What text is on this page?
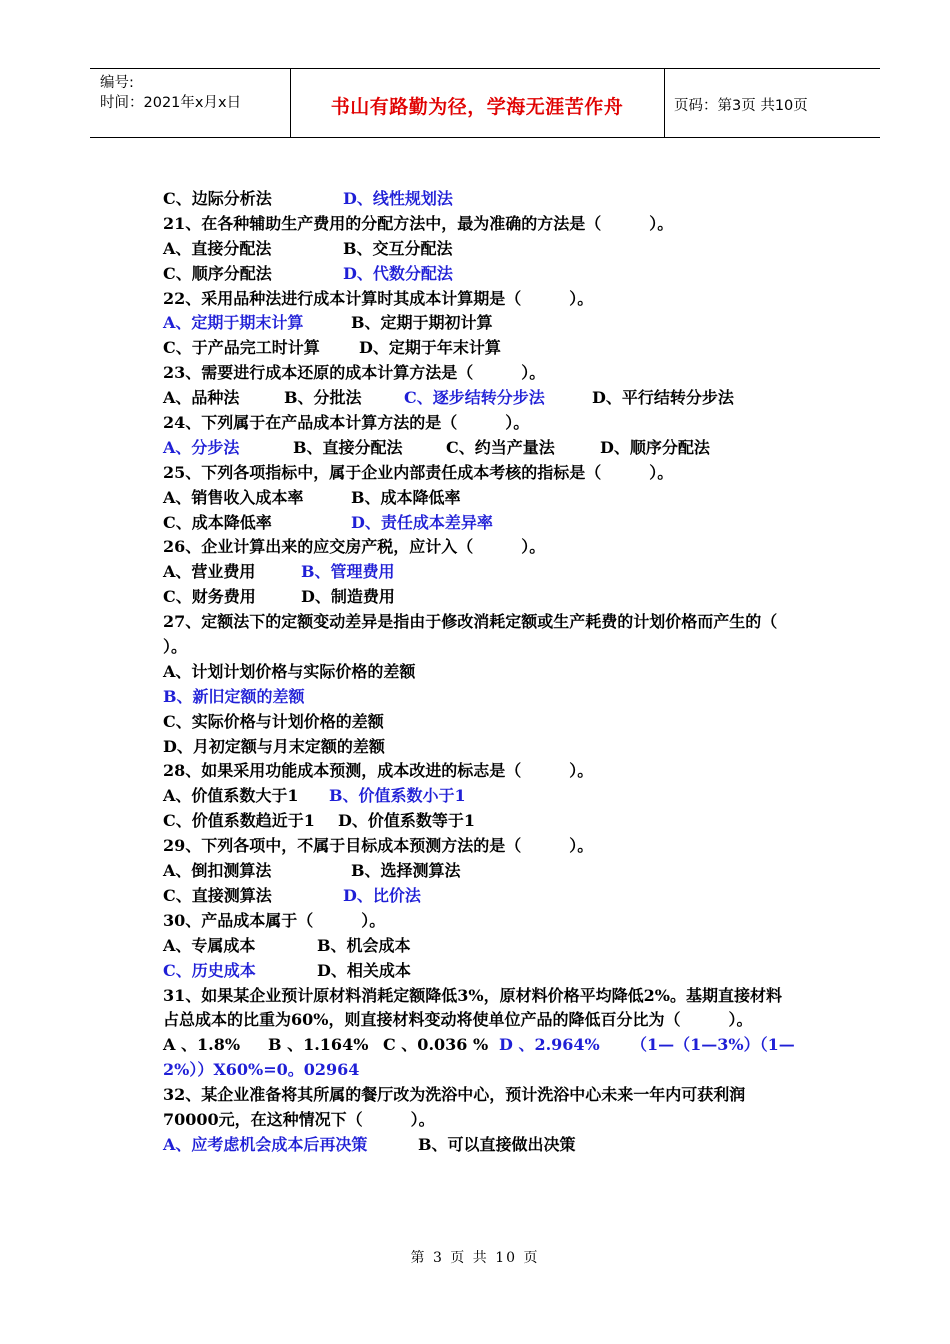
编号:
时间：2021年x月x日	书山有路勤为径，学海无涯苦作舟	页码：第3页 共10页
C、边际分析法	D、线性规划法
21、在各种辅助生产费用的分配方法中，最为准确的方法是（　　　）。
A、直接分配法	B、交互分配法
C、顺序分配法	D、代数分配法
22、采用品种法进行成本计算时其成本计算期是（　　　）。
A、定期于期末计算	B、定期于期初计算
C、于产品完工时计算 D、定期于年末计算
23、需要进行成本还原的成本计算方法是（　　　）。
A、品种法	B、分批法	C、逐步结转分步法	D、平行结转分步法
24、下列属于在产品成本计算方法的是（　　　）。
A、分步法	B、直接分配法	C、约当产量法	D、顺序分配法
25、下列各项指标中，属于企业内部责任成本考核的指标是（　　　）。
A、销售收入成本率	B、成本降低率
C、成本降低率	D、责任成本差异率
26、企业计算出来的应交房产税，应计入（　　　）。
A、营业费用	B、管理费用
C、财务费用	D、制造费用
27、定额法下的定额变动差异是指由于修改消耗定额或生产耗费的计划价格而产生的（
）。
A、计划计划价格与实际价格的差额
B、新旧定额的差额
C、实际价格与计划价格的差额
D、月初定额与月末定额的差额
28、如果采用功能成本预测，成本改进的标志是（　　　）。
A、价值系数大于1 B、价值系数小于1
C、价值系数趋近于1 D、价值系数等于1
29、下列各项中，不属于目标成本预测方法的是（　　　）。
A、倒扣测算法	B、选择测算法
C、直接测算法	D、比价法
30、产品成本属于（　　　）。
A、专属成本	B、机会成本
C、历史成本	D、相关成本
31、如果某企业预计原材料消耗定额降低3%，原材料价格平均降低2%。基期直接材料
占总成本的比重为60%，则直接材料变动将使单位产品的降低百分比为（　　　）。
A 、1.8% B 、1.164% C 、0.036 % D 、2.964% （1—（1—3%）（1—
2%））X60%=0。02964
32、某企业准备将其所属的餐厅改为洗浴中心，预计洗浴中心未来一年内可获利润
70000元，在这种情况下（　　　）。
A、应考虑机会成本后再决策	B、可以直接做出决策
第 3 页 共 10 页
